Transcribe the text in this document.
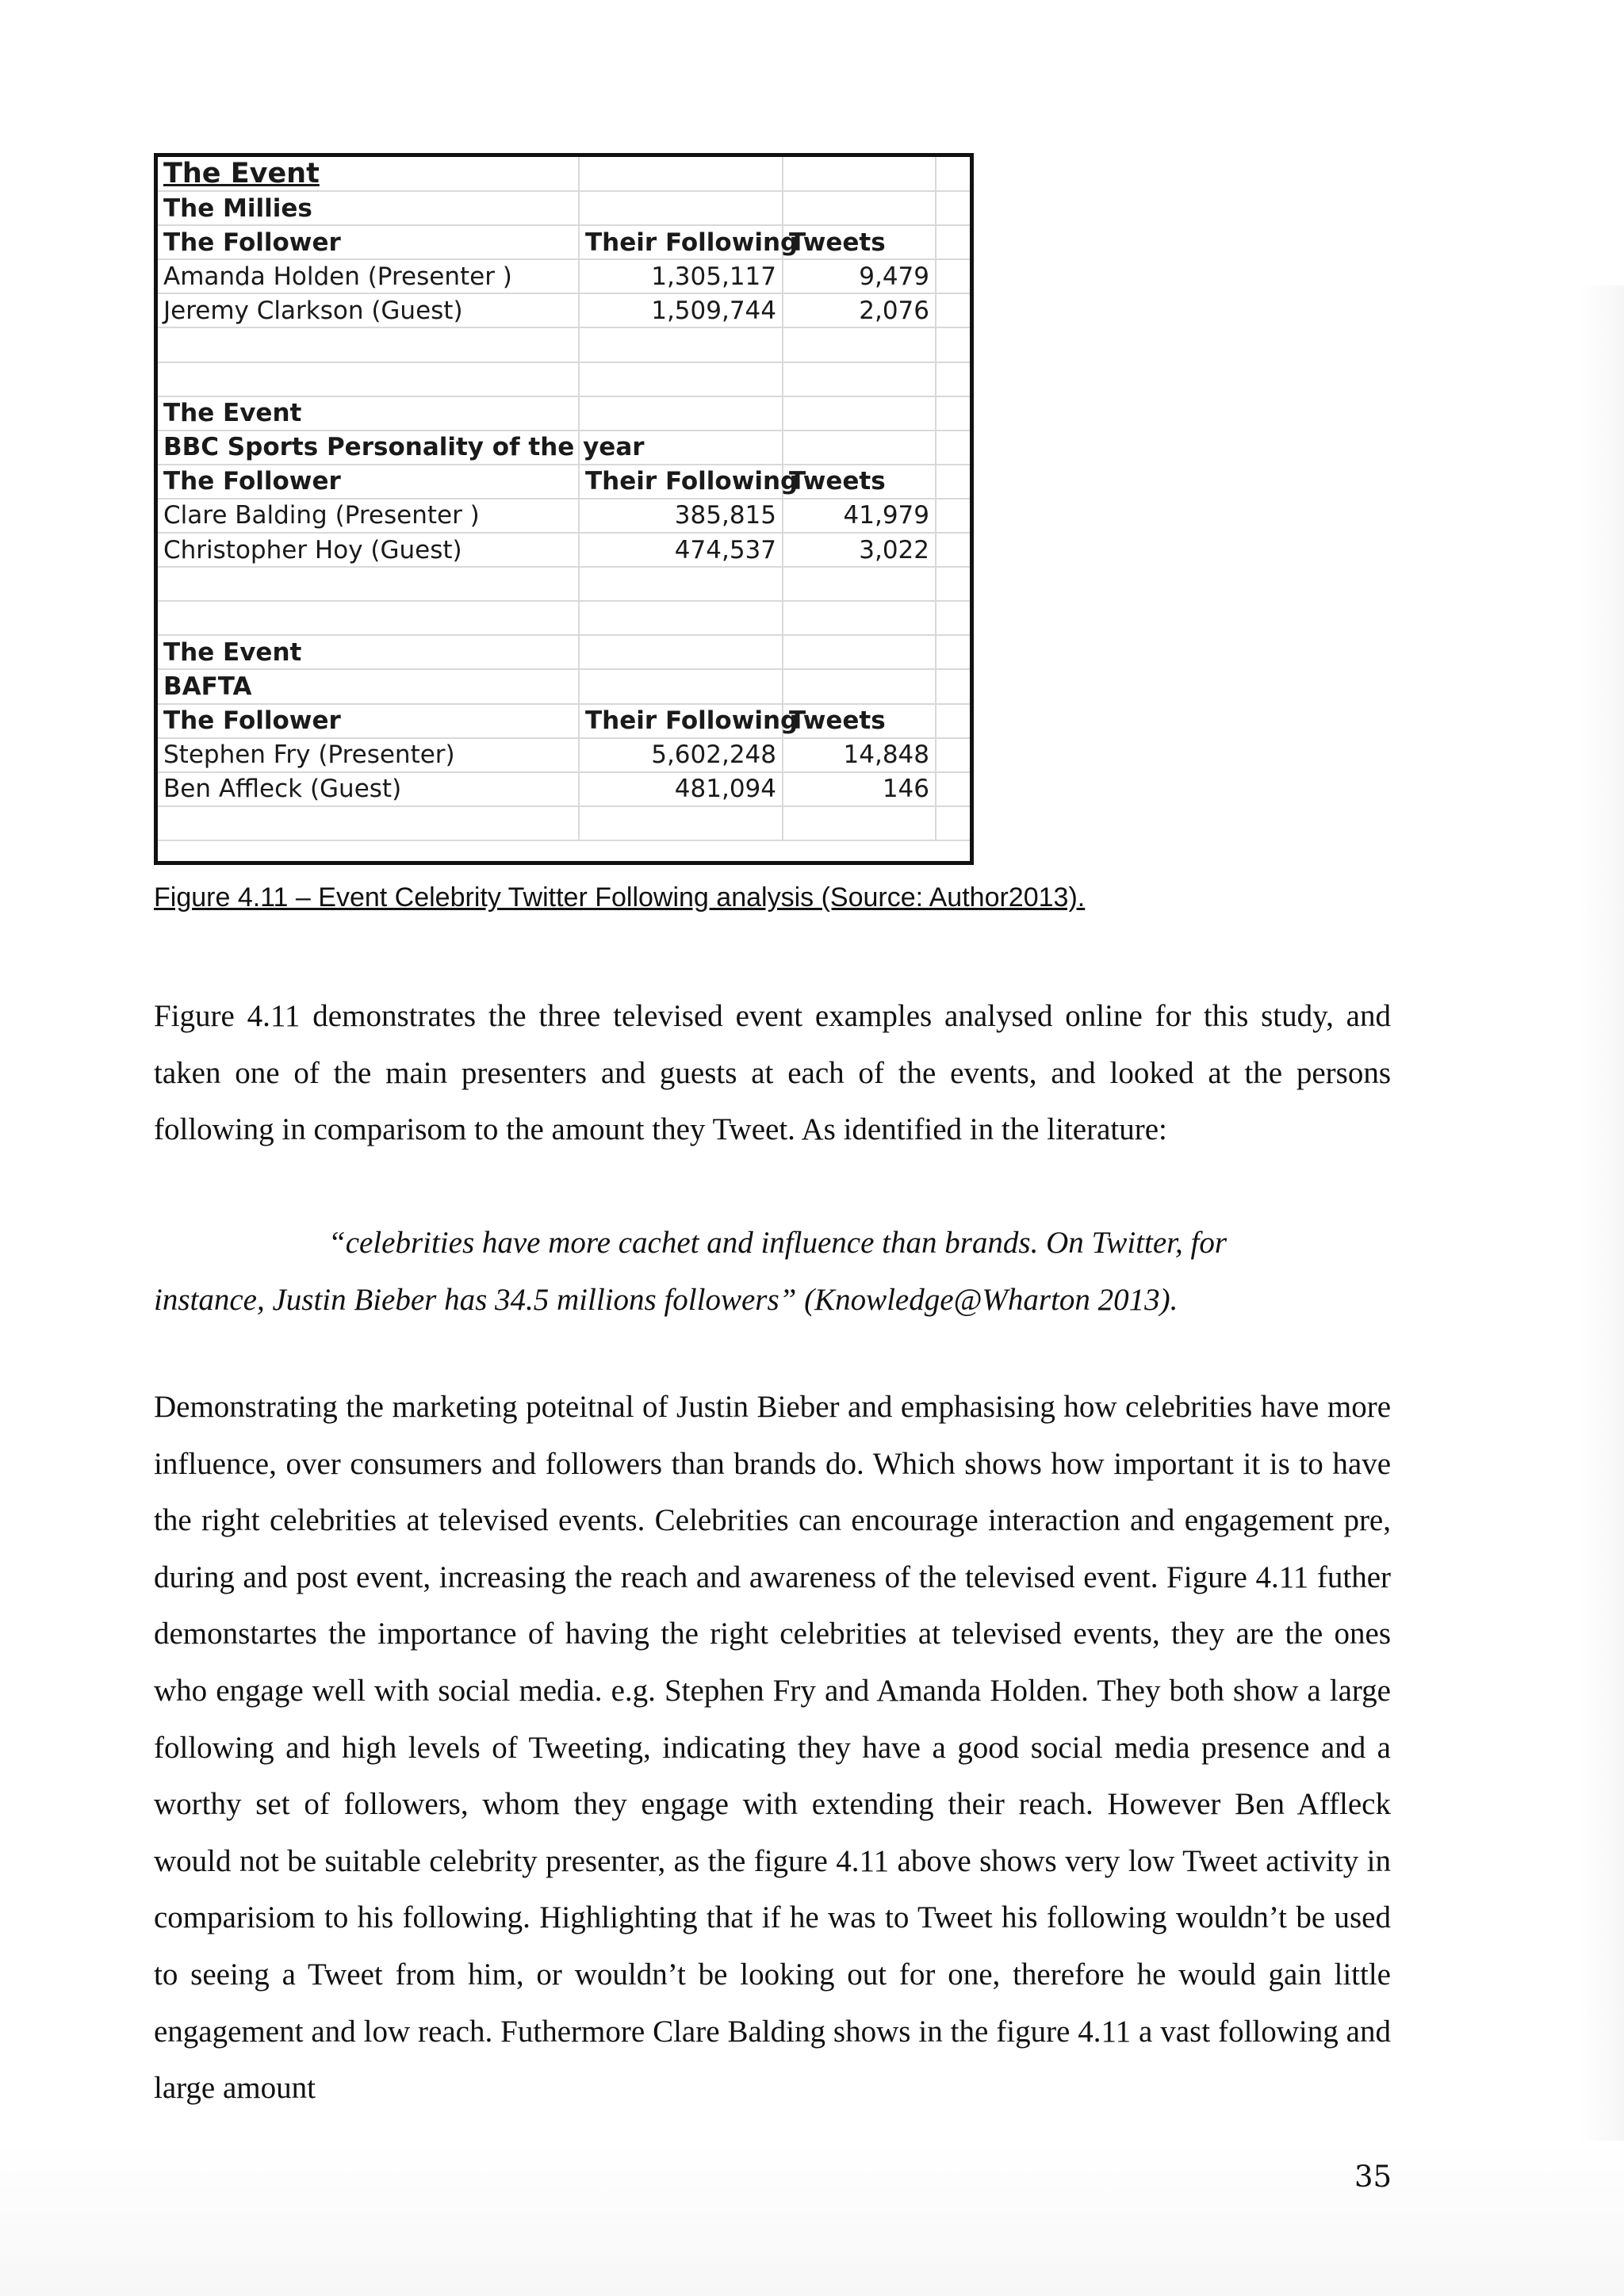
The Event			
The Millies			
The Follower	Their Following	Tweets	
Amanda Holden (Presenter )	1,305,117	9,479	
Jeremy Clarkson (Guest)	1,509,744	2,076	

The Event			
BBC Sports Personality of the year			
The Follower	Their Following	Tweets	
Clare Balding (Presenter )	385,815	41,979	
Christopher Hoy (Guest)	474,537	3,022	

The Event			
BAFTA			
The Follower	Their Following	Tweets	
Stephen Fry (Presenter)	5,602,248	14,848	
Ben Affleck (Guest)	481,094	146	

Figure 4.11 – Event Celebrity Twitter Following analysis (Source: Author2013).

Figure 4.11 demonstrates the three televised event examples analysed online for this study, and taken one of the main presenters and guests at each of the events, and looked at the persons following in comparisom to the amount they Tweet. As identified in the literature:

“celebrities have more cachet and influence than brands. On Twitter, for
instance, Justin Bieber has 34.5 millions followers” (Knowledge@Wharton 2013).

Demonstrating the marketing poteitnal of Justin Bieber and emphasising how celebrities have more influence, over consumers and followers than brands do. Which shows how important it is to have the right celebrities at televised events. Celebrities can encourage interaction and engagement pre, during and post event, increasing the reach and awareness of the televised event. Figure 4.11 futher demonstartes the importance of having the right celebrities at televised events, they are the ones who engage well with social media. e.g. Stephen Fry and Amanda Holden. They both show a large following and high levels of Tweeting, indicating they have a good social media presence and a worthy set of followers, whom they engage with extending their reach. However Ben Affleck would not be suitable celebrity presenter, as the figure 4.11 above shows very low Tweet activity in comparisiom to his following. Highlighting that if he was to Tweet his following wouldn’t be used to seeing a Tweet from him, or wouldn’t be looking out for one, therefore he would gain little engagement and low reach. Futhermore Clare Balding shows in the figure 4.11 a vast following and large amount

35
